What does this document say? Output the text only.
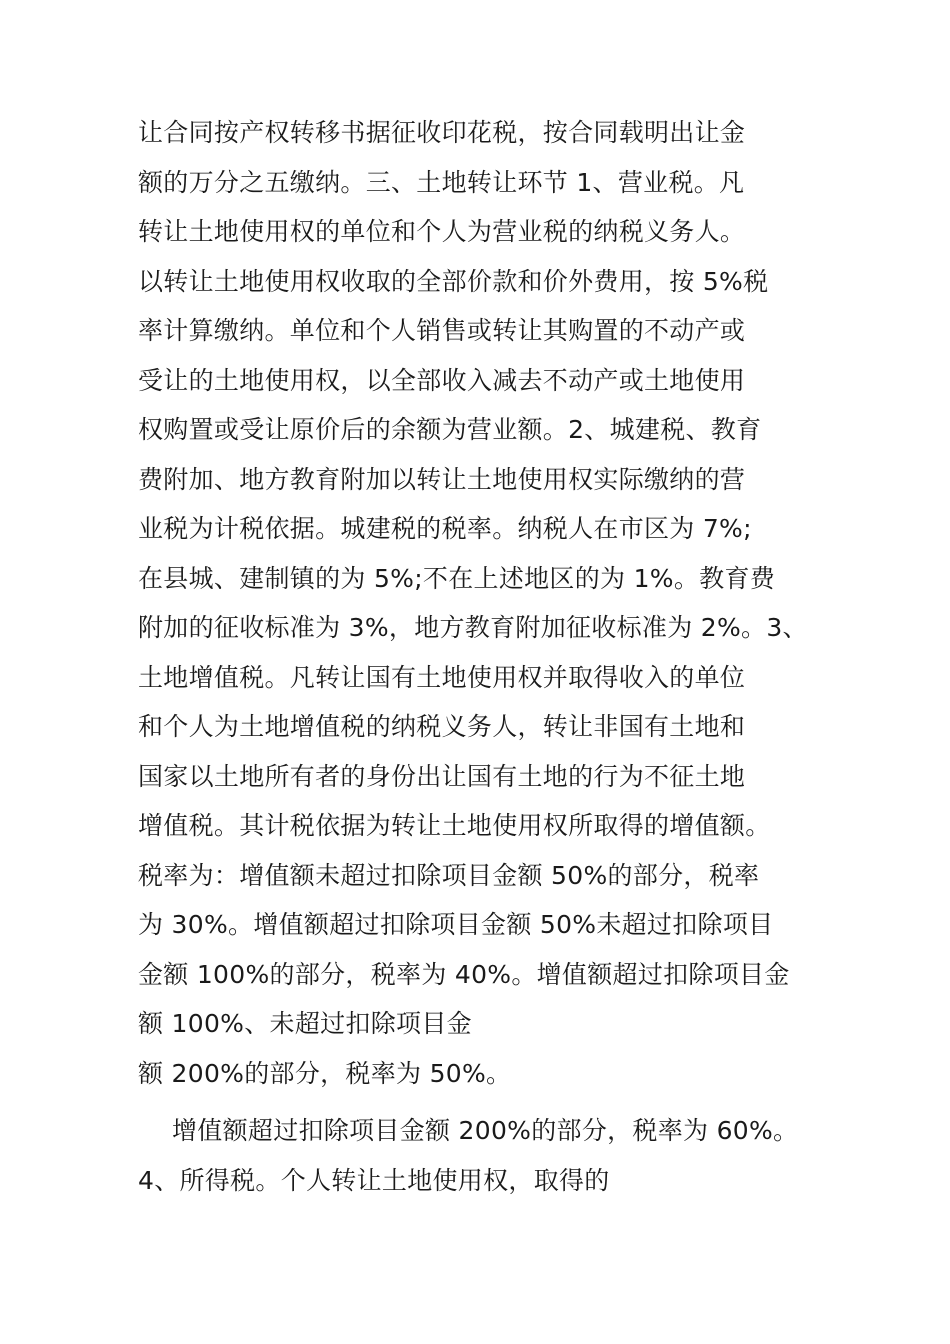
让合同按产权转移书据征收印花税，按合同载明出让金
额的万分之五缴纳。三、土地转让环节 1、营业税。凡
转让土地使用权的单位和个人为营业税的纳税义务人。
以转让土地使用权收取的全部价款和价外费用，按 5%税
率计算缴纳。单位和个人销售或转让其购置的不动产或
受让的土地使用权，以全部收入减去不动产或土地使用
权购置或受让原价后的余额为营业额。2、城建税、教育
费附加、地方教育附加以转让土地使用权实际缴纳的营
业税为计税依据。城建税的税率。纳税人在市区为 7%;
在县城、建制镇的为 5%;不在上述地区的为 1%。教育费
附加的征收标准为 3%，地方教育附加征收标准为 2%。3、
土地增值税。凡转让国有土地使用权并取得收入的单位
和个人为土地增值税的纳税义务人，转让非国有土地和
国家以土地所有者的身份出让国有土地的行为不征土地
增值税。其计税依据为转让土地使用权所取得的增值额。
税率为：增值额未超过扣除项目金额 50%的部分，税率
为 30%。增值额超过扣除项目金额 50%未超过扣除项目
金额 100%的部分，税率为 40%。增值额超过扣除项目金
额 100%、未超过扣除项目金
额 200%的部分，税率为 50%。
增值额超过扣除项目金额 200%的部分，税率为 60%。
4、所得税。个人转让土地使用权，取得的
